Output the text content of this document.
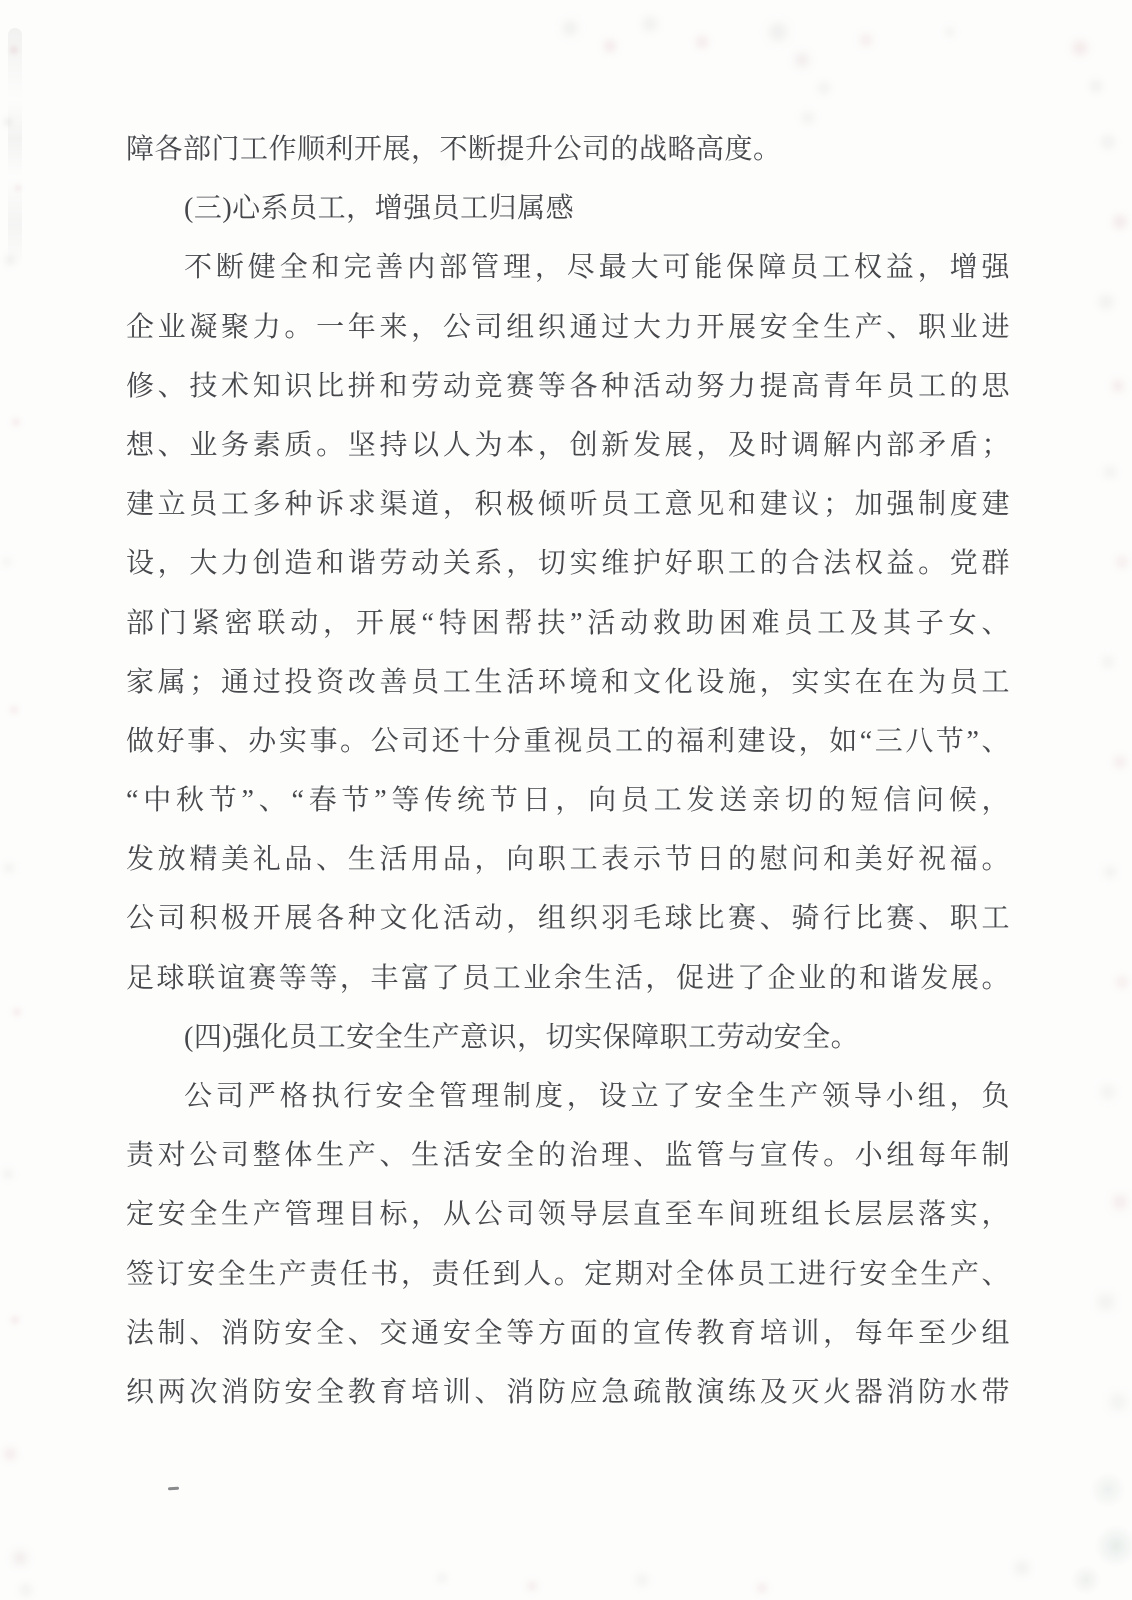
障各部门工作顺利开展，不断提升公司的战略高度。
(三)心系员工，增强员工归属感
不断健全和完善内部管理，尽最大可能保障员工权益，增强
企业凝聚力。一年来，公司组织通过大力开展安全生产、职业进
修、技术知识比拼和劳动竞赛等各种活动努力提高青年员工的思
想、业务素质。坚持以人为本，创新发展，及时调解内部矛盾；
建立员工多种诉求渠道，积极倾听员工意见和建议；加强制度建
设，大力创造和谐劳动关系，切实维护好职工的合法权益。党群
部门紧密联动，开展“特困帮扶”活动救助困难员工及其子女、
家属；通过投资改善员工生活环境和文化设施，实实在在为员工
做好事、办实事。公司还十分重视员工的福利建设，如“三八节”、
“中秋节”、“春节”等传统节日，向员工发送亲切的短信问候，
发放精美礼品、生活用品，向职工表示节日的慰问和美好祝福。
公司积极开展各种文化活动，组织羽毛球比赛、骑行比赛、职工
足球联谊赛等等，丰富了员工业余生活，促进了企业的和谐发展。
(四)强化员工安全生产意识，切实保障职工劳动安全。
公司严格执行安全管理制度，设立了安全生产领导小组，负
责对公司整体生产、生活安全的治理、监管与宣传。小组每年制
定安全生产管理目标，从公司领导层直至车间班组长层层落实，
签订安全生产责任书，责任到人。定期对全体员工进行安全生产、
法制、消防安全、交通安全等方面的宣传教育培训，每年至少组
织两次消防安全教育培训、消防应急疏散演练及灭火器消防水带
